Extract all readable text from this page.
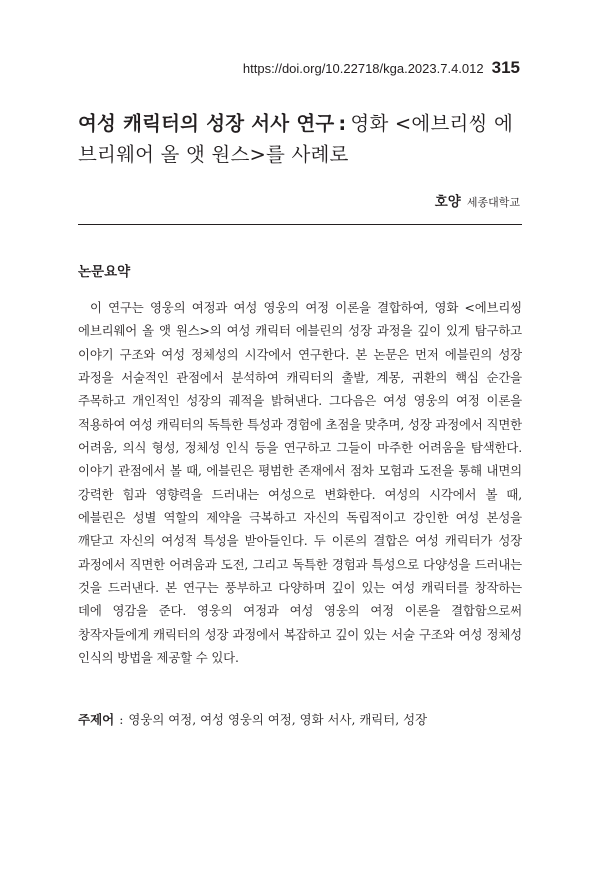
https://doi.org/10.22718/kga.2023.7.4.012 315
여성 캐릭터의 성장 서사 연구 : 영화 <에브리씽 에브리웨어 올 앳 원스>를 사례로
호양 세종대학교
논문요약

이 연구는 영웅의 여정과 여성 영웅의 여정 이론을 결합하여, 영화 <에브리씽 에브리웨어 올 앳 원스>의 여성 캐릭터 에블린의 성장 과정을 깊이 있게 탐구하고 이야기 구조와 여성 정체성의 시각에서 연구한다. 본 논문은 먼저 에블린의 성장 과정을 서술적인 관점에서 분석하여 캐릭터의 출발, 계몽, 귀환의 핵심 순간을 주목하고 개인적인 성장의 궤적을 밝혀낸다. 그다음은 여성 영웅의 여정 이론을 적용하여 여성 캐릭터의 독특한 특성과 경험에 초점을 맞추며, 성장 과정에서 직면한 어려움, 의식 형성, 정체성 인식 등을 연구하고 그들이 마주한 어려움을 탐색한다. 이야기 관점에서 볼 때, 에블린은 평범한 존재에서 점차 모험과 도전을 통해 내면의 강력한 힘과 영향력을 드러내는 여성으로 변화한다. 여성의 시각에서 볼 때, 에블린은 성별 역할의 제약을 극복하고 자신의 독립적이고 강인한 여성 본성을 깨닫고 자신의 여성적 특성을 받아들인다. 두 이론의 결합은 여성 캐릭터가 성장 과정에서 직면한 어려움과 도전, 그리고 독특한 경험과 특성으로 다양성을 드러내는 것을 드러낸다. 본 연구는 풍부하고 다양하며 깊이 있는 여성 캐릭터를 창작하는 데에 영감을 준다. 영웅의 여정과 여성 영웅의 여정 이론을 결합함으로써 창작자들에게 캐릭터의 성장 과정에서 복잡하고 깊이 있는 서술 구조와 여성 정체성 인식의 방법을 제공할 수 있다.

주제어 : 영웅의 여정, 여성 영웅의 여정, 영화 서사, 캐릭터, 성장
